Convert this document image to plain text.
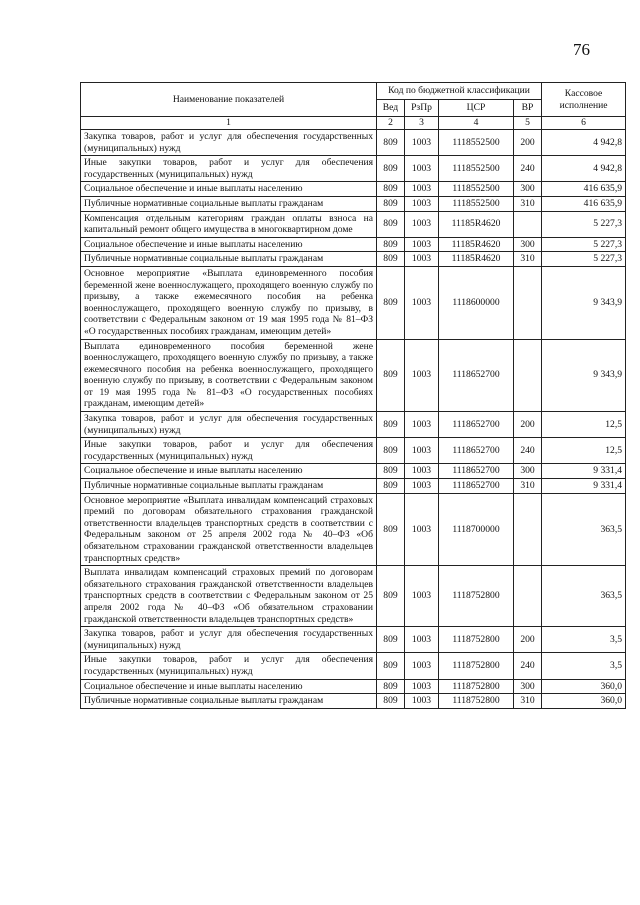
76
Наименование показателей	Код по бюджетной классификации				Кассовое исполнение
	Вед	РзПр	ЦСР	ВР	
1	2	3	4	5	6
Закупка товаров, работ и услуг для обеспечения государственных (муниципальных) нужд	809	1003	1118552500	200	4 942,8
Иные закупки товаров, работ и услуг для обеспечения государственных (муниципальных) нужд	809	1003	1118552500	240	4 942,8
Социальное обеспечение и иные выплаты населению	809	1003	1118552500	300	416 635,9
Публичные нормативные социальные выплаты гражданам	809	1003	1118552500	310	416 635,9
Компенсация отдельным категориям граждан оплаты взноса на капитальный ремонт общего имущества в многоквартирном доме	809	1003	11185R4620		5 227,3
Социальное обеспечение и иные выплаты населению	809	1003	11185R4620	300	5 227,3
Публичные нормативные социальные выплаты гражданам	809	1003	11185R4620	310	5 227,3
Основное мероприятие «Выплата единовременного пособия беременной жене военнослужащего, проходящего военную службу по призыву, а также ежемесячного пособия на ребенка военнослужащего, проходящего военную службу по призыву, в соответствии с Федеральным законом от 19 мая 1995 года № 81–ФЗ «О государственных пособиях гражданам, имеющим детей»	809	1003	1118600000		9 343,9
Выплата единовременного пособия беременной жене военнослужащего, проходящего военную службу по призыву, а также ежемесячного пособия на ребенка военнослужащего, проходящего военную службу по призыву, в соответствии с Федеральным законом от 19 мая 1995 года № 81–ФЗ «О государственных пособиях гражданам, имеющим детей»	809	1003	1118652700		9 343,9
Закупка товаров, работ и услуг для обеспечения государственных (муниципальных) нужд	809	1003	1118652700	200	12,5
Иные закупки товаров, работ и услуг для обеспечения государственных (муниципальных) нужд	809	1003	1118652700	240	12,5
Социальное обеспечение и иные выплаты населению	809	1003	1118652700	300	9 331,4
Публичные нормативные социальные выплаты гражданам	809	1003	1118652700	310	9 331,4
Основное мероприятие «Выплата инвалидам компенсаций страховых премий по договорам обязательного страхования гражданской ответственности владельцев транспортных средств в соответствии с Федеральным законом от 25 апреля 2002 года № 40–ФЗ «Об обязательном страховании гражданской ответственности владельцев транспортных средств»	809	1003	1118700000		363,5
Выплата инвалидам компенсаций страховых премий по договорам обязательного страхования гражданской ответственности владельцев транспортных средств в соответствии с Федеральным законом от 25 апреля 2002 года № 40–ФЗ «Об обязательном страховании гражданской ответственности владельцев транспортных средств»	809	1003	1118752800		363,5
Закупка товаров, работ и услуг для обеспечения государственных (муниципальных) нужд	809	1003	1118752800	200	3,5
Иные закупки товаров, работ и услуг для обеспечения государственных (муниципальных) нужд	809	1003	1118752800	240	3,5
Социальное обеспечение и иные выплаты населению	809	1003	1118752800	300	360,0
Публичные нормативные социальные выплаты гражданам	809	1003	1118752800	310	360,0
